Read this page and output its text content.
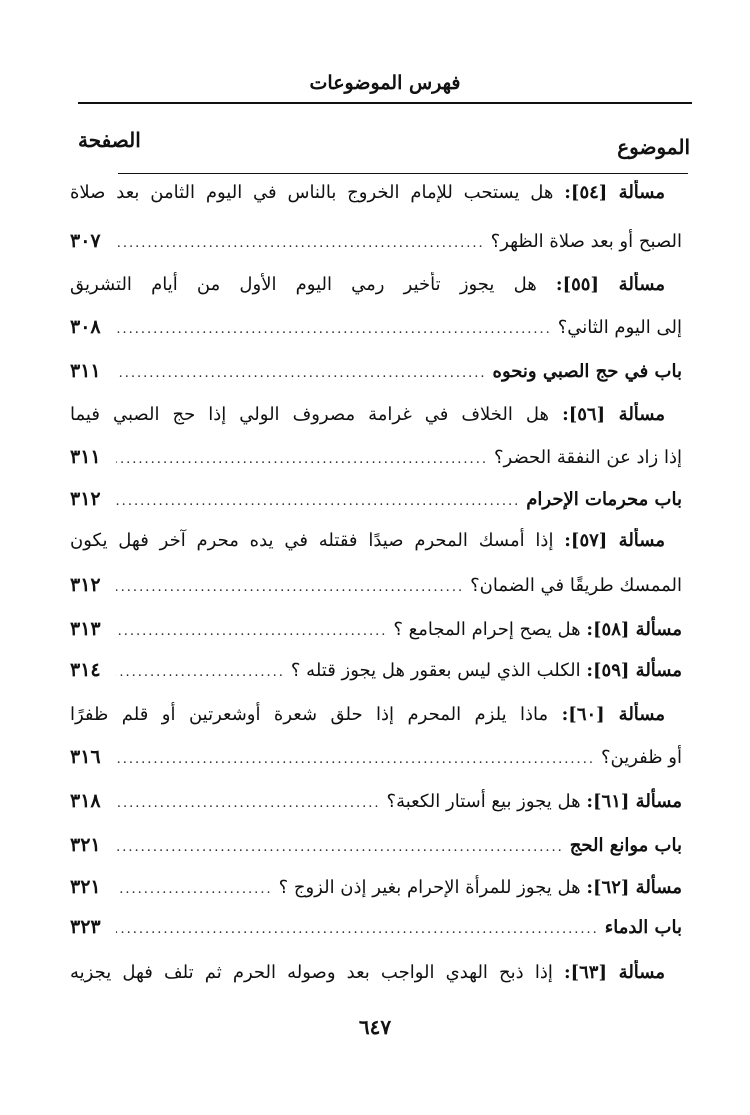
فهرس الموضوعات
الموضوع
الصفحة
مسألة [٥٤]: هل يستحب للإمام الخروج بالناس في اليوم الثامن بعد صلاة
الصبح أو بعد صلاة الظهر؟
.....
٣٠٧
مسألة [٥٥]: هل يجوز تأخير رمي اليوم الأول من أيام التشريق
إلى اليوم الثاني؟
.....
٣٠٨
باب في حج الصبي ونحوه
.....
٣١١
مسألة [٥٦]: هل الخلاف في غرامة مصروف الولي إذا حج الصبي فيما
إذا زاد عن النفقة الحضر؟
.....
٣١١
باب محرمات الإحرام
.....
٣١٢
مسألة [٥٧]: إذا أمسك المحرم صيدًا فقتله في يده محرم آخر فهل يكون
الممسك طريقًا في الضمان؟
.....
٣١٢
مسألة [٥٨]: هل يصح إحرام المجامع ؟
.....
٣١٣
مسألة [٥٩]: الكلب الذي ليس بعقور هل يجوز قتله ؟
.....
٣١٤
مسألة [٦٠]: ماذا يلزم المحرم إذا حلق شعرة أوشعرتين أو قلم ظفرًا
أو ظفرين؟
.....
٣١٦
مسألة [٦١]: هل يجوز بيع أستار الكعبة؟
.....
٣١٨
باب موانع الحج
.....
٣٢١
مسألة [٦٢]: هل يجوز للمرأة الإحرام بغير إذن الزوج ؟
.....
٣٢١
باب الدماء
.....
٣٢٣
مسألة [٦٣]: إذا ذبح الهدي الواجب بعد وصوله الحرم ثم تلف فهل يجزيه
٦٤٧
